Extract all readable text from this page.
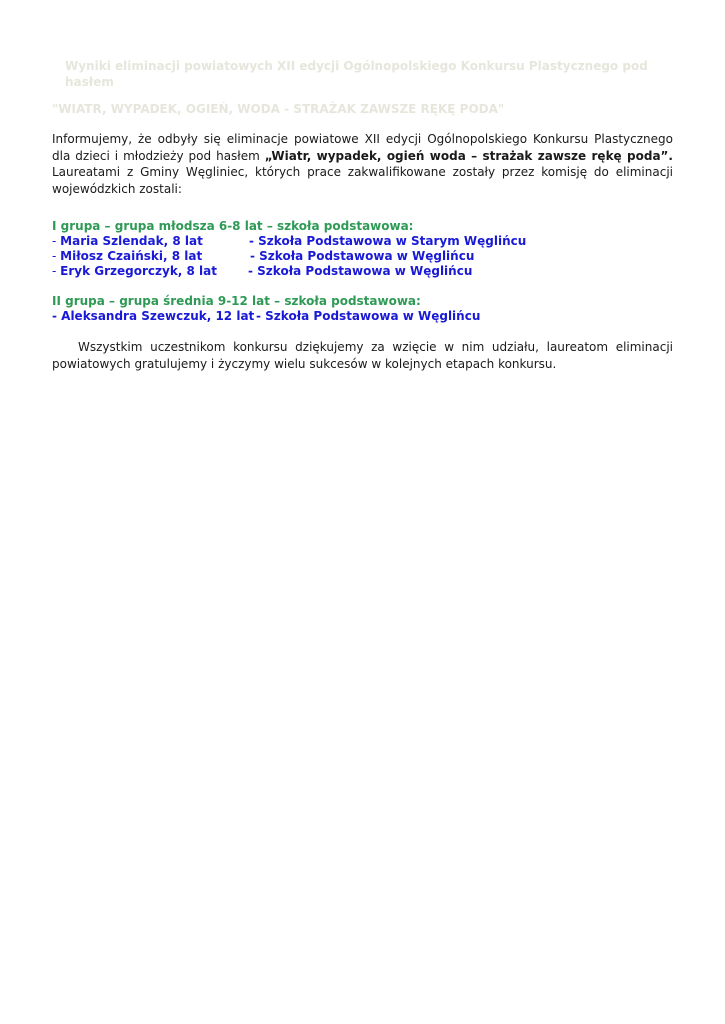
Wyniki eliminacji powiatowych XII edycji Ogólnopolskiego Konkursu Plastycznego pod hasłem

"WIATR, WYPADEK, OGIEŃ, WODA - STRAŻAK ZAWSZE RĘKĘ PODA"

Informujemy, że odbyły się eliminacje powiatowe XII edycji Ogólnopolskiego Konkursu Plastycznego dla dzieci i młodzieży pod hasłem „Wiatr, wypadek, ogień woda – strażak zawsze rękę poda”. Laureatami z Gminy Węgliniec, których prace zakwalifikowane zostały przez komisję do eliminacji wojewódzkich zostali:

I grupa – grupa młodsza 6-8 lat – szkoła podstawowa:

- Maria Szlendak, 8 lat	- Szkoła Podstawowa w Starym Węglińcu
- Miłosz Czaiński, 8 lat	- Szkoła Podstawowa w Węglińcu
- Eryk Grzegorczyk, 8 lat	- Szkoła Podstawowa w Węglińcu

II grupa – grupa średnia 9-12 lat – szkoła podstawowa:

- Aleksandra Szewczuk, 12 lat - Szkoła Podstawowa w Węglińcu

Wszystkim uczestnikom konkursu dziękujemy za wzięcie w nim udziału, laureatom eliminacji powiatowych gratulujemy i życzymy wielu sukcesów w kolejnych etapach konkursu.
